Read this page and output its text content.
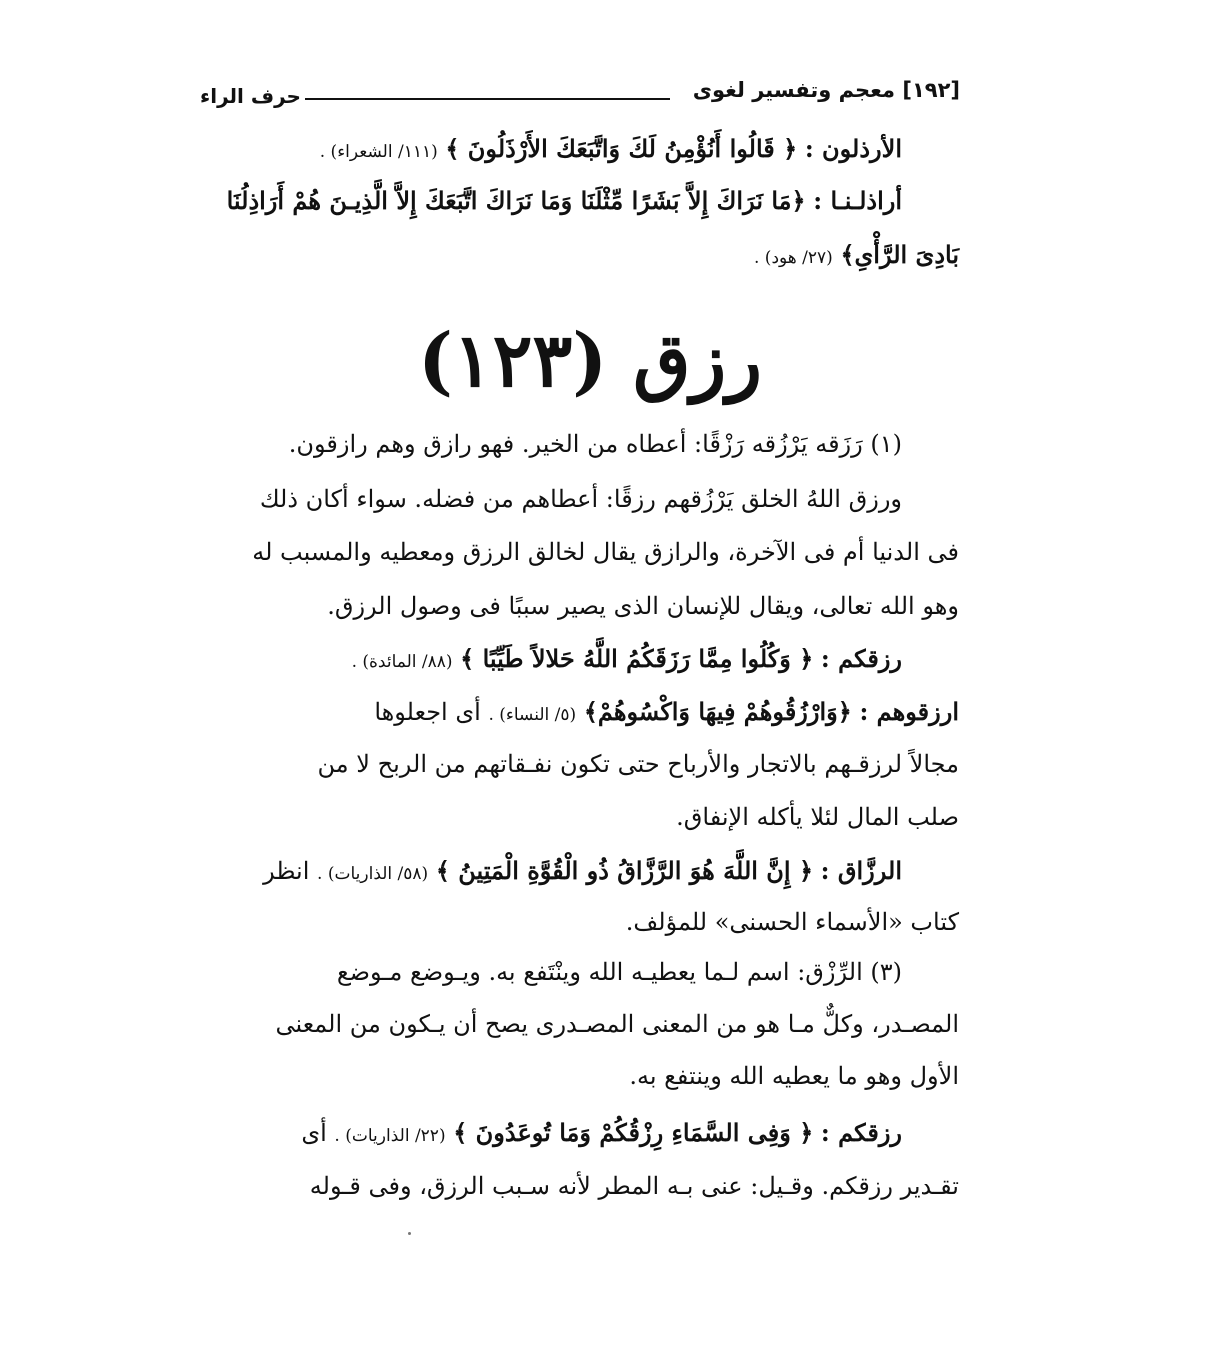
[١٩٢] معجم وتفسير لغوى
حرف الراء
الأرذلون : ﴿ قَالُوا أَنُؤْمِنُ لَكَ وَاتَّبَعَكَ الأَرْذَلُونَ ﴾ (١١١/ الشعراء) .
أراذلـنـا : ﴿مَا نَرَاكَ إِلاَّ بَشَرًا مِّثْلَنَا وَمَا نَرَاكَ اتَّبَعَكَ إِلاَّ الَّذِيـنَ هُمْ أَرَاذِلُنَا
بَادِىَ الرَّأْىِ﴾ (٢٧/ هود) .
رزق (١٢٣)
(١) رَزَقه يَرْزُقه رَزْقًا: أعطاه من الخير. فهو رازق وهم رازقون.
ورزق اللهُ الخلق يَرْزُقهم رزقًا: أعطاهم من فضله. سواء أكان ذلك
فى الدنيا أم فى الآخرة، والرازق يقال لخالق الرزق ومعطيه والمسبب له
وهو الله تعالى، ويقال للإنسان الذى يصير سببًا فى وصول الرزق.
رزقكم : ﴿ وَكُلُوا مِمَّا رَزَقَكُمُ اللَّهُ حَلالاً طَيِّبًا ﴾ (٨٨/ المائدة) .
ارزقوهم : ﴿وَارْزُقُوهُمْ فِيهَا وَاكْسُوهُمْ﴾ (٥/ النساء) . أى اجعلوها
مجالاً لرزقـهم بالاتجار والأرباح حتى تكون نفـقاتهم من الربح لا من
صلب المال لئلا يأكله الإنفاق.
الرزَّاق : ﴿ إِنَّ اللَّهَ هُوَ الرَّزَّاقُ ذُو الْقُوَّةِ الْمَتِينُ ﴾ (٥٨/ الذاريات) . انظر
كتاب «الأسماء الحسنى» للمؤلف.
(٣) الرِّزْق: اسم لـما يعطيـه الله وينْتَفع به. ويـوضع مـوضع
المصـدر، وكلٌّ مـا هو من المعنى المصـدرى يصح أن يـكون من المعنى
الأول وهو ما يعطيه الله وينتفع به.
رزقكم : ﴿ وَفِى السَّمَاءِ رِزْقُكُمْ وَمَا تُوعَدُونَ ﴾ (٢٢/ الذاريات) . أى
تقـدير رزقكم. وقـيل: عنى بـه المطر لأنه سـبب الرزق، وفى قـوله
